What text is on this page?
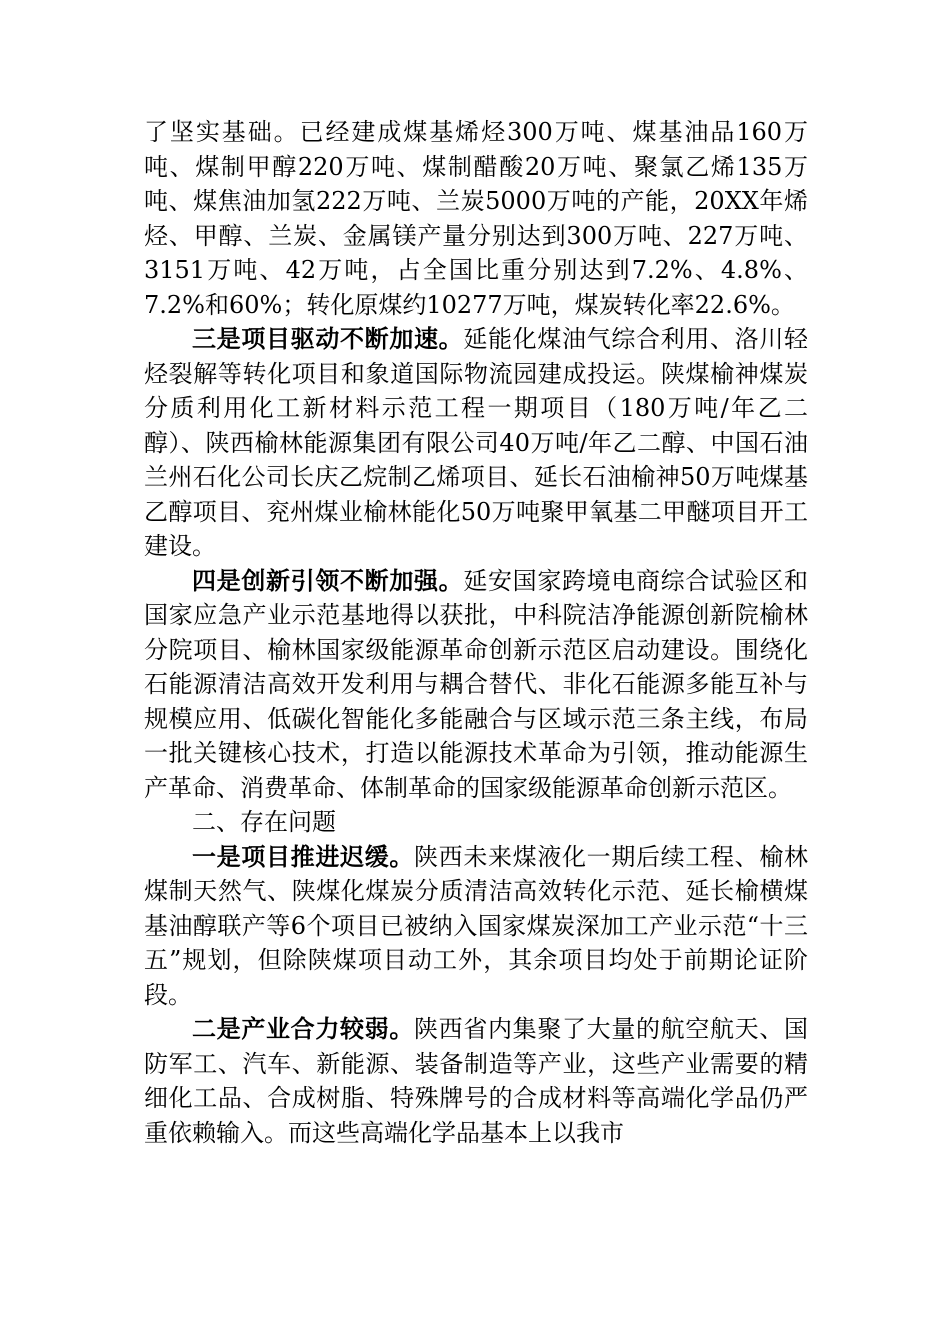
了坚实基础。已经建成煤基烯烃300万吨、煤基油品160万吨、煤制甲醇220万吨、煤制醋酸20万吨、聚氯乙烯135万吨、煤焦油加氢222万吨、兰炭5000万吨的产能，20XX年烯烃、甲醇、兰炭、金属镁产量分别达到300万吨、227万吨、3151万吨、42万吨，占全国比重分别达到7.2%、4.8%、7.2%和60%；转化原煤约10277万吨，煤炭转化率22.6%。

三是项目驱动不断加速。延能化煤油气综合利用、洛川轻烃裂解等转化项目和象道国际物流园建成投运。陕煤榆神煤炭分质利用化工新材料示范工程一期项目（180万吨/年乙二醇）、陕西榆林能源集团有限公司40万吨/年乙二醇、中国石油兰州石化公司长庆乙烷制乙烯项目、延长石油榆神50万吨煤基乙醇项目、兖州煤业榆林能化50万吨聚甲氧基二甲醚项目开工建设。

四是创新引领不断加强。延安国家跨境电商综合试验区和国家应急产业示范基地得以获批，中科院洁净能源创新院榆林分院项目、榆林国家级能源革命创新示范区启动建设。围绕化石能源清洁高效开发利用与耦合替代、非化石能源多能互补与规模应用、低碳化智能化多能融合与区域示范三条主线，布局一批关键核心技术，打造以能源技术革命为引领，推动能源生产革命、消费革命、体制革命的国家级能源革命创新示范区。

二、存在问题

一是项目推进迟缓。陕西未来煤液化一期后续工程、榆林煤制天然气、陕煤化煤炭分质清洁高效转化示范、延长榆横煤基油醇联产等6个项目已被纳入国家煤炭深加工产业示范“十三五”规划，但除陕煤项目动工外，其余项目均处于前期论证阶段。

二是产业合力较弱。陕西省内集聚了大量的航空航天、国防军工、汽车、新能源、装备制造等产业，这些产业需要的精细化工品、合成树脂、特殊牌号的合成材料等高端化学品仍严重依赖输入。而这些高端化学品基本上以我市
